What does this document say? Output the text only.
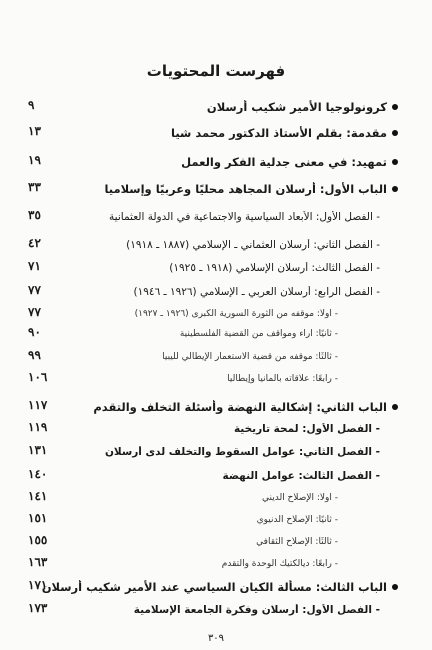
فهرست المحتويات
كرونولوجيا الأمير شكيب أرسلان
٩
مقدمة: بقلم الأستاذ الدكتور محمد شيا
١٣
تمهيد: في معنى جدلية الفكر والعمل
١٩
الباب الأول: أرسلان المجاهد محليًا وعربيًا وإسلاميا
٣٣
- الفصل الأول: الأبعاد السياسية والاجتماعية في الدولة العثمانية
٣٥
- الفصل الثاني: أرسلان العثماني ـ الإسلامي (١٨٨٧ ـ ١٩١٨)
٤٢
- الفصل الثالث: أرسلان الإسلامي (١٩١٨ ـ ١٩٢٥)
٧١
- الفصل الرابع: أرسلان العربي ـ الإسلامي (١٩٢٦ ـ ١٩٤٦)
٧٧
- أولاً: موقفه من الثورة السورية الكبرى (١٩٢٦ ـ ١٩٢٧)
٧٧
- ثانيًا: آراء ومواقف من القضية الفلسطينية
٩٠
- ثالثًا: موقفه من قضية الاستعمار الإيطالي لليبيا
٩٩
- رابعًا: علاقاته بألمانيا وإيطاليا
١٠٦
الباب الثاني: إشكالية النهضة وأسئلة التخلف والتقدم
١١٧
- الفصل الأول: لمحة تاريخية
١١٩
- الفصل الثاني: عوامل السقوط والتخلف لدى أرسلان
١٣١
- الفصل الثالث: عوامل النهضة
١٤٠
- أولاً: الإصلاح الديني
١٤١
- ثانيًا: الإصلاح الدنيوي
١٥١
- ثالثًا: الإصلاح الثقافي
١٥٥
- رابعًا: ديالكتيك الوحدة والتقدم
١٦٣
الباب الثالث: مسألة الكيان السياسي عند الأمير شكيب أرسلان
١٧١
- الفصل الأول: أرسلان وفكرة الجامعة الإسلامية
١٧٣
٣٠٩
